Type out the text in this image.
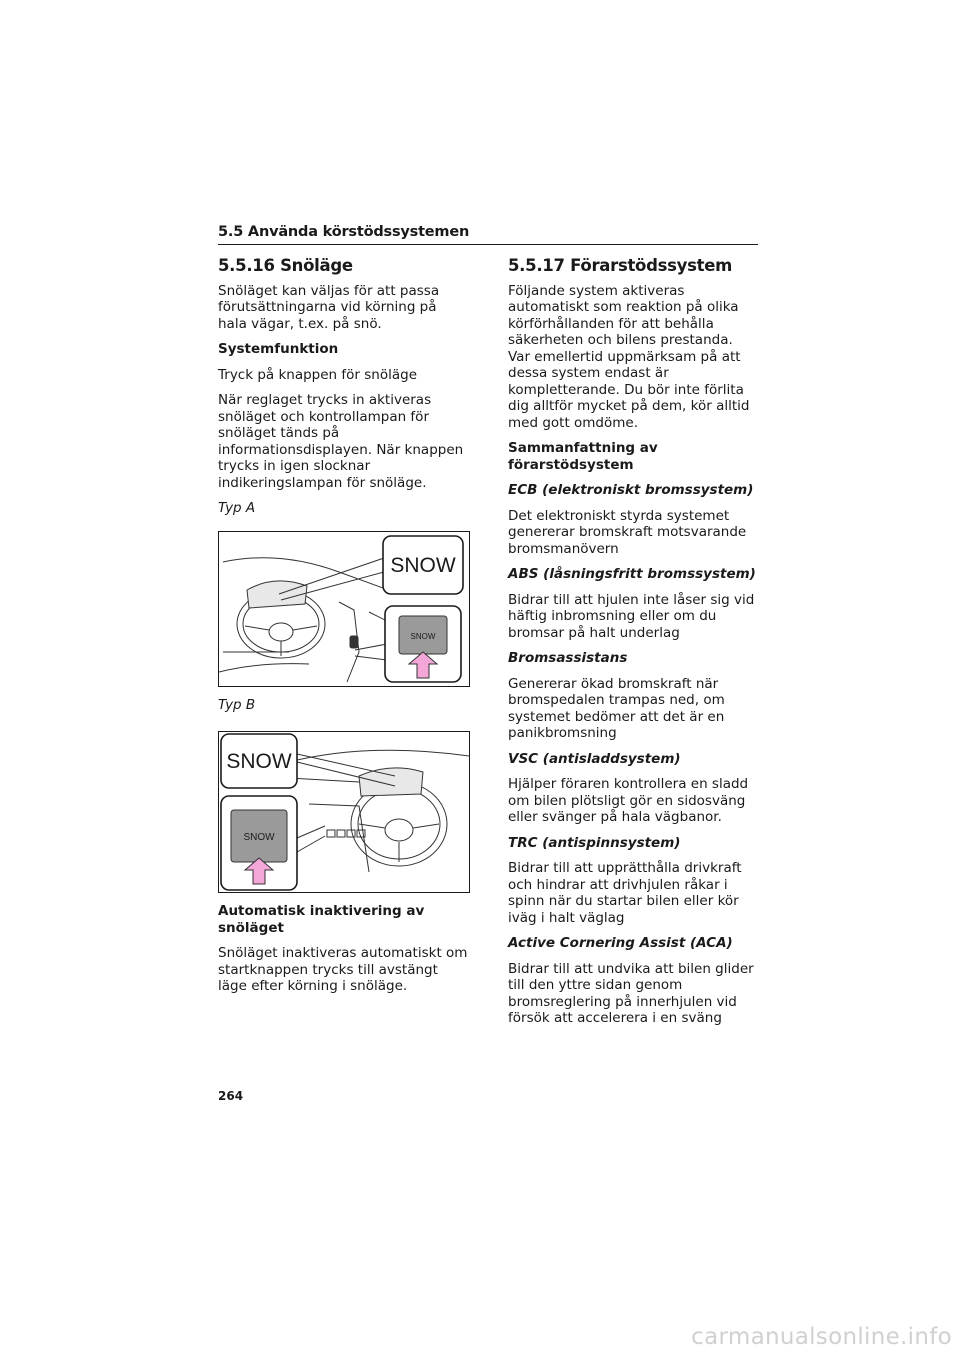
5.5 Använda körstödssystemen
5.5.16 Snöläge

Snöläget kan väljas för att passa förutsättningarna vid körning på hala vägar, t.ex. på snö.

Systemfunktion

Tryck på knappen för snöläge

När reglaget trycks in aktiveras snöläget och kontrollampan för snöläget tänds på informationsdisplayen. När knappen trycks in igen slocknar indikeringslampan för snöläge.

Typ A

SNOW
SNOW

Typ B

SNOW
SNOW

Automatisk inaktivering av snöläget

Snöläget inaktiveras automatiskt om startknappen trycks till avstängt läge efter körning i snöläge.

5.5.17 Förarstödssystem

Följande system aktiveras automatiskt som reaktion på olika körförhållanden för att behålla säkerheten och bilens prestanda. Var emellertid uppmärksam på att dessa system endast är kompletterande. Du bör inte förlita dig alltför mycket på dem, kör alltid med gott omdöme.

Sammanfattning av förarstödsystem

ECB (elektroniskt bromssystem)

Det elektroniskt styrda systemet genererar bromskraft motsvarande bromsmanövern

ABS (låsningsfritt bromssystem)

Bidrar till att hjulen inte låser sig vid häftig inbromsning eller om du bromsar på halt underlag

Bromsassistans

Genererar ökad bromskraft när bromspedalen trampas ned, om systemet bedömer att det är en panikbromsning

VSC (antisladdsystem)

Hjälper föraren kontrollera en sladd om bilen plötsligt gör en sidosväng eller svänger på hala vägbanor.

TRC (antispinnsystem)

Bidrar till att upprätthålla drivkraft och hindrar att drivhjulen råkar i spinn när du startar bilen eller kör iväg i halt väglag

Active Cornering Assist (ACA)

Bidrar till att undvika att bilen glider till den yttre sidan genom bromsreglering på innerhjulen vid försök att accelerera i en sväng

264
carmanualsonline.info
